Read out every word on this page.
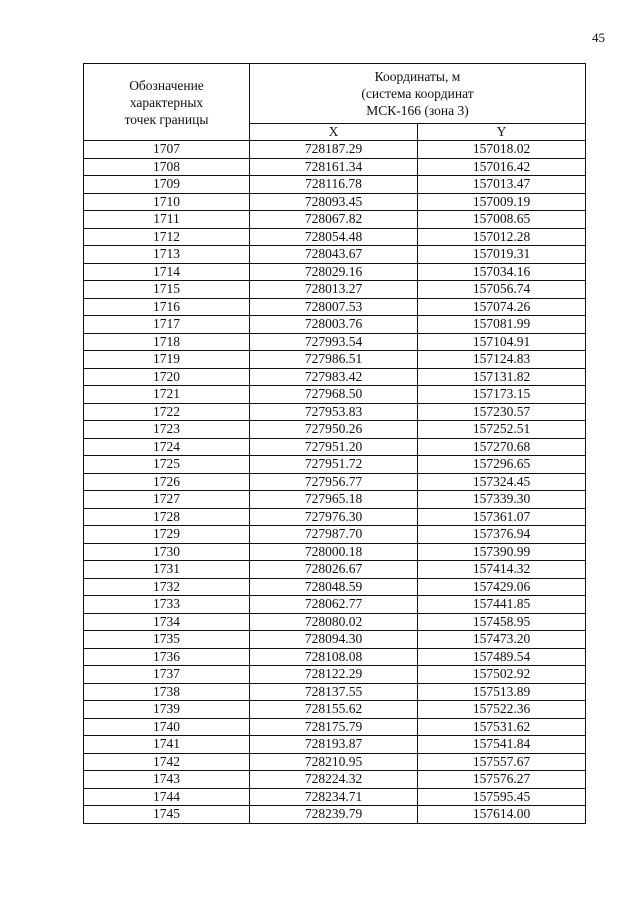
45
Обозначение
характерных
точек границы	Координаты, м
(система координат
МСК-166 (зона 3)	
	X	Y
1707	728187.29	157018.02
1708	728161.34	157016.42
1709	728116.78	157013.47
1710	728093.45	157009.19
1711	728067.82	157008.65
1712	728054.48	157012.28
1713	728043.67	157019.31
1714	728029.16	157034.16
1715	728013.27	157056.74
1716	728007.53	157074.26
1717	728003.76	157081.99
1718	727993.54	157104.91
1719	727986.51	157124.83
1720	727983.42	157131.82
1721	727968.50	157173.15
1722	727953.83	157230.57
1723	727950.26	157252.51
1724	727951.20	157270.68
1725	727951.72	157296.65
1726	727956.77	157324.45
1727	727965.18	157339.30
1728	727976.30	157361.07
1729	727987.70	157376.94
1730	728000.18	157390.99
1731	728026.67	157414.32
1732	728048.59	157429.06
1733	728062.77	157441.85
1734	728080.02	157458.95
1735	728094.30	157473.20
1736	728108.08	157489.54
1737	728122.29	157502.92
1738	728137.55	157513.89
1739	728155.62	157522.36
1740	728175.79	157531.62
1741	728193.87	157541.84
1742	728210.95	157557.67
1743	728224.32	157576.27
1744	728234.71	157595.45
1745	728239.79	157614.00
